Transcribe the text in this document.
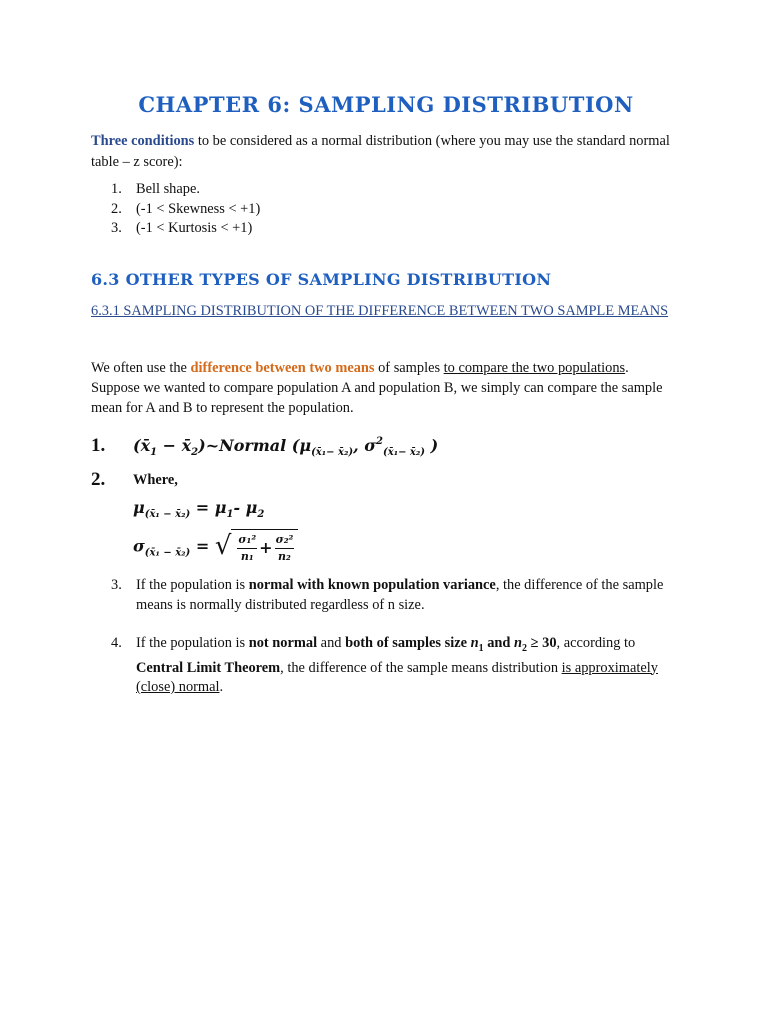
CHAPTER 6: SAMPLING DISTRIBUTION

Three conditions to be considered as a normal distribution (where you may use the standard normal table – z score):

1. Bell shape.
2. (-1 < Skewness < +1)
3. (-1 < Kurtosis < +1)
6.3 OTHER TYPES OF SAMPLING DISTRIBUTION
6.3.1 SAMPLING DISTRIBUTION OF THE DIFFERENCE BETWEEN TWO SAMPLE MEANS

We often use the difference between two means of samples to compare the two populations. Suppose we wanted to compare population A and population B, we simply can compare the sample mean for A and B to represent the population.

1. ($x̄_1$ − $x̄_2)\sim Normal$ ($\mu_{(x̄_1- x̄_2)}$, $\sigma^2_{(x̄_1- x̄_2)}$ )
2. Where,
$\mu_{(x̄_1 - x̄_2)} = \mu_1-$ $\mu_2$
$\sigma_{(x̄_1 - x̄_2)}$ = √ $\frac{\text{σ₁²}}{\text{n₁}} + \frac{\text{σ₂²}}{\text{n₂}}$
3. If the population is normal with known population variance, the difference of the sample means is normally distributed regardless of n size.
4. If the population is not normal and both of samples size $n_1$ and $n_2 \ge 30$, according to Central Limit Theorem, the difference of the sample means distribution is approximately (close) normal.
